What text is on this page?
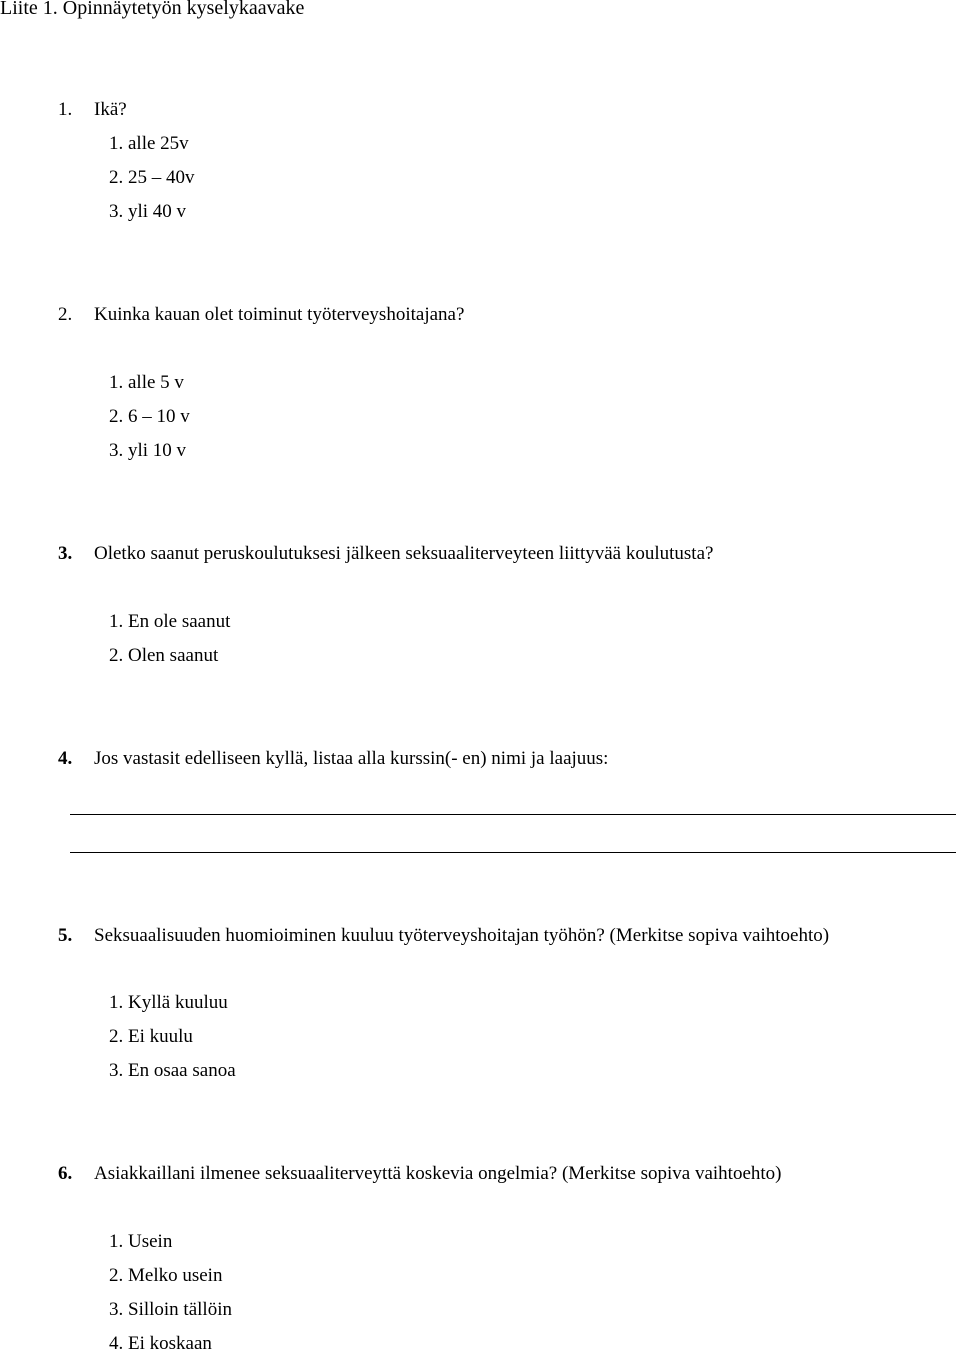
Liite 1. Opinnäytetyön kyselykaavake
1. Ikä?
1. alle 25v
2. 25 – 40v
3. yli 40 v
2. Kuinka kauan olet toiminut työterveyshoitajana?
1. alle 5 v
2. 6 – 10 v
3. yli 10 v
3. Oletko saanut peruskoulutuksesi jälkeen seksuaaliterveyteen liittyvää koulutusta?
1. En ole saanut
2. Olen saanut
4. Jos vastasit edelliseen kyllä, listaa alla kurssin(- en) nimi ja laajuus:
5. Seksuaalisuuden huomioiminen kuuluu työterveyshoitajan työhön? (Merkitse sopiva vaihtoehto)
1. Kyllä kuuluu
2. Ei kuulu
3. En osaa sanoa
6. Asiakkaillani ilmenee seksuaaliterveyttä koskevia ongelmia? (Merkitse sopiva vaihtoehto)
1. Usein
2. Melko usein
3. Silloin tällöin
4. Ei koskaan
